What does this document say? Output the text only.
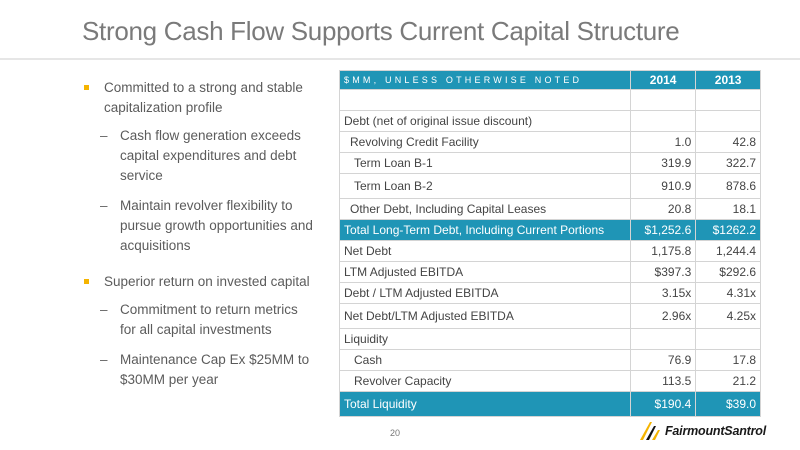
Strong Cash Flow Supports Current Capital Structure
Committed to a strong and stable capitalization profile
– Cash flow generation exceeds capital expenditures and debt service
– Maintain revolver flexibility to pursue growth opportunities and acquisitions
Superior return on invested capital
– Commitment to return metrics for all capital investments
– Maintenance Cap Ex $25MM to $30MM per year
$MM, UNLESS OTHERWISE NOTED	2014	2013

Debt (net of original issue discount)		
Revolving Credit Facility	1.0	42.8
Term Loan B-1	319.9	322.7
Term Loan B-2	910.9	878.6
Other Debt, Including Capital Leases	20.8	18.1
Total Long-Term Debt, Including Current Portions	$1,252.6	$1262.2
Net Debt	1,175.8	1,244.4
LTM Adjusted EBITDA	$397.3	$292.6
Debt / LTM Adjusted EBITDA	3.15x	4.31x
Net Debt/LTM Adjusted EBITDA	2.96x	4.25x
Liquidity		
Cash	76.9	17.8
Revolver Capacity	113.5	21.2
Total Liquidity	$190.4	$39.0
20	FairmountSantrol
